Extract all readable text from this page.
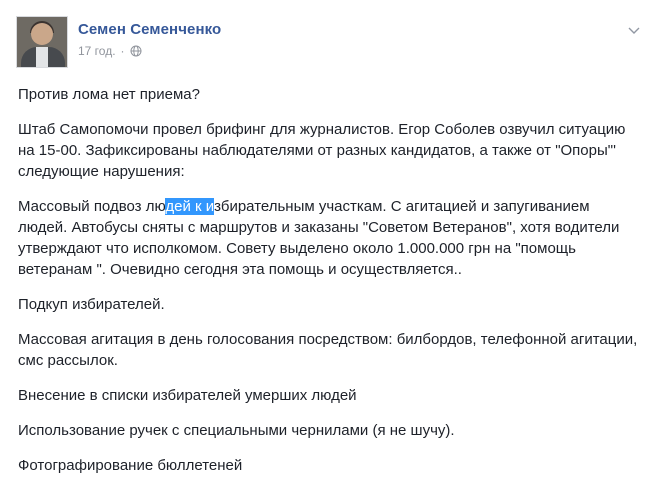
Семен Семенченко
17 год. ·

Против лома нет приема?

Штаб Самопомочи провел брифинг для журналистов. Егор Соболев озвучил ситуацию на 15-00. Зафиксированы наблюдателями от разных кандидатов, а также от "Опоры"' следующие нарушения:

Массовый подвоз людей к избирательным участкам. С агитацией и запугиванием людей. Автобусы сняты с маршрутов и заказаны "Советом Ветеранов", хотя водители утверждают что исполкомом. Совету выделено около 1.000.000 грн на "помощь ветеранам ". Очевидно сегодня эта помощь и осуществляется..

Подкуп избирателей.

Массовая агитация в день голосования посредством: билбордов, телефонной агитации, смс рассылок.

Внесение в списки избирателей умерших людей

Использование ручек с специальными чернилами (я не шучу).

Фотографирование бюллетеней
